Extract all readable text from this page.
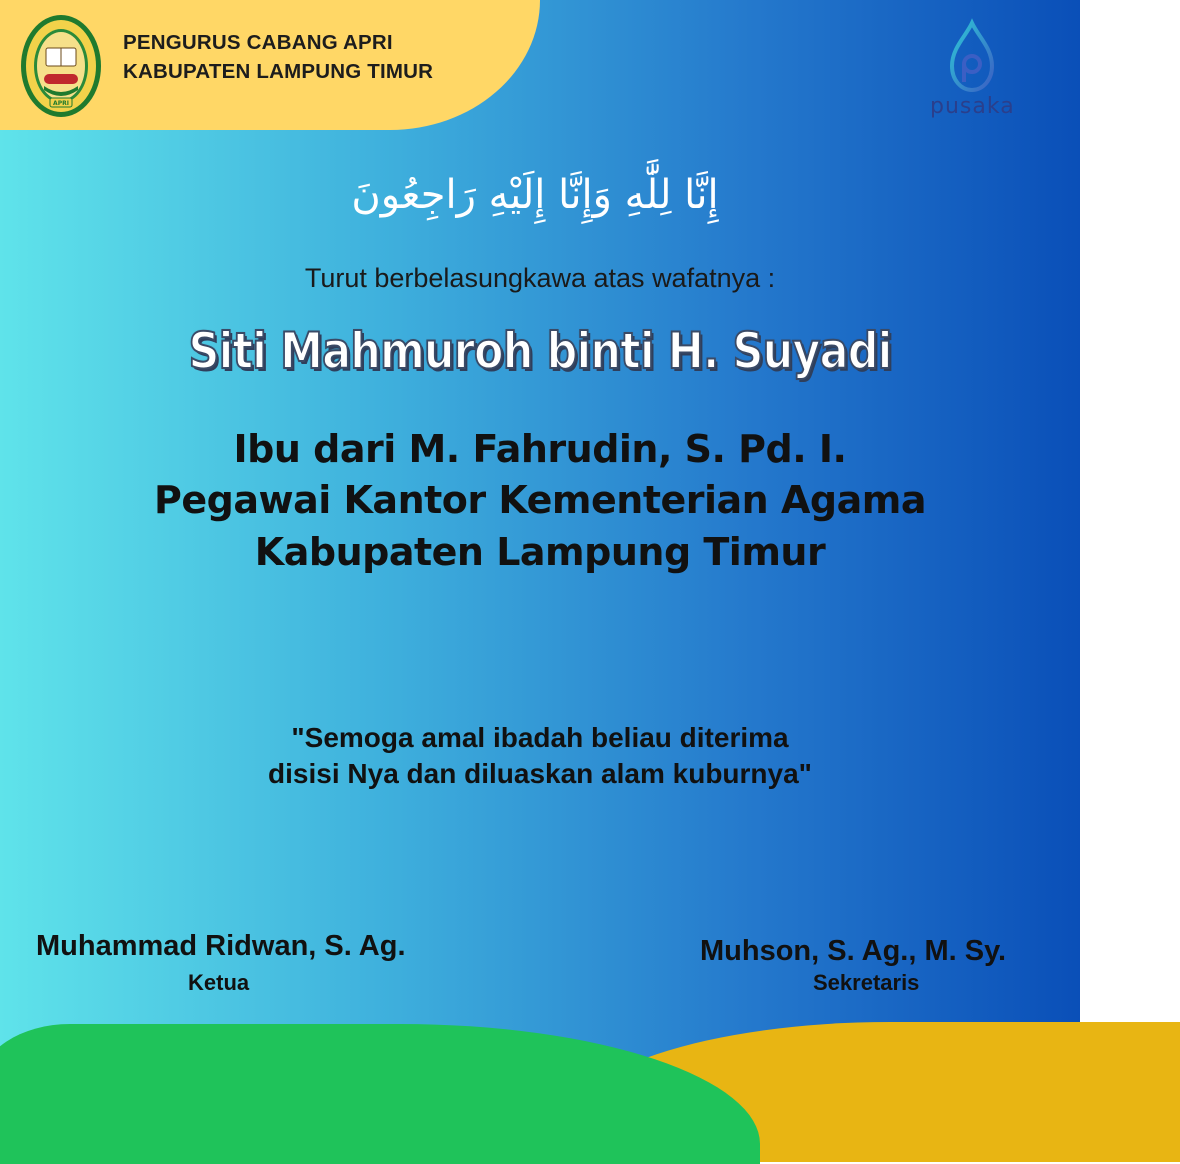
APRI
PENGURUS CABANG APRI
KABUPATEN LAMPUNG TIMUR
pusaka
إِنَّا لِلَّٰهِ وَإِنَّا إِلَيْهِ رَاجِعُونَ
Turut berbelasungkawa atas wafatnya :
Siti Mahmuroh binti H. Suyadi
Ibu dari M. Fahrudin, S. Pd. I.
Pegawai Kantor Kementerian Agama
Kabupaten Lampung Timur
"Semoga amal ibadah beliau diterima
disisi Nya dan diluaskan alam kuburnya"
Muhammad Ridwan, S. Ag.
Ketua
Muhson, S. Ag., M. Sy.
Sekretaris
